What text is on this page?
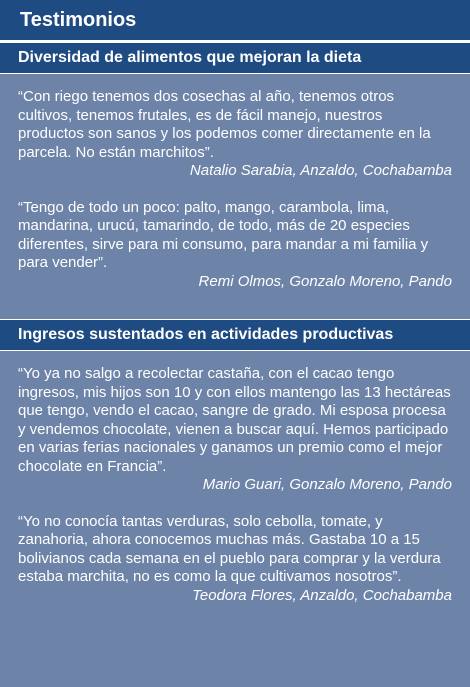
Testimonios
Diversidad de alimentos que mejoran la dieta

“Con riego tenemos dos cosechas al año, tenemos otros cultivos, tenemos frutales, es de fácil manejo, nuestros productos son sanos y los podemos comer directamente en la parcela. No están marchitos”.

Natalio Sarabia, Anzaldo, Cochabamba

“Tengo de todo un poco: palto, mango, carambola, lima, mandarina, urucú, tamarindo, de todo, más de 20 especies diferentes, sirve para mi consumo, para mandar a mi familia y para vender”.

Remi Olmos, Gonzalo Moreno, Pando
Ingresos sustentados en actividades productivas

“Yo ya no salgo a recolectar castaña, con el cacao tengo ingresos, mis hijos son 10 y con ellos mantengo las 13 hectáreas que tengo, vendo el cacao, sangre de grado. Mi esposa procesa y vendemos chocolate, vienen a buscar aquí. Hemos participado en varias ferias nacionales y ganamos un premio como el mejor chocolate en Francia”.

Mario Guari, Gonzalo Moreno, Pando

“Yo no conocía tantas verduras, solo cebolla, tomate, y zanahoria, ahora conocemos muchas más. Gastaba 10 a 15 bolivianos cada semana en el pueblo para comprar y la verdura estaba marchita, no es como la que cultivamos nosotros”.

Teodora Flores, Anzaldo, Cochabamba
